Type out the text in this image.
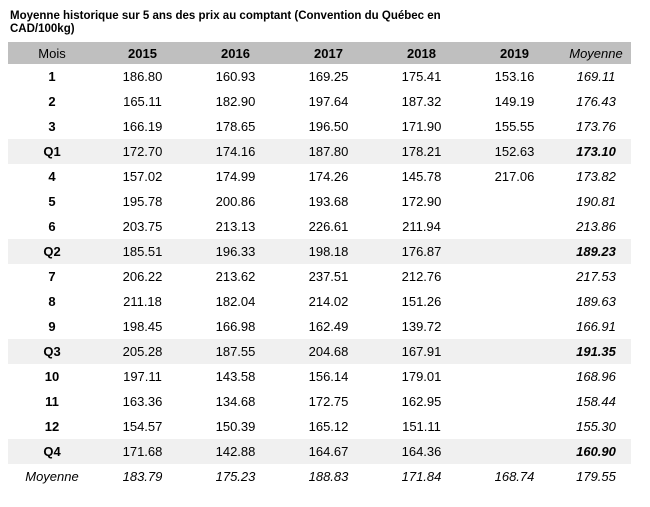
Moyenne historique sur 5 ans des prix au comptant (Convention du Québec en CAD/100kg)
Mois	2015	2016	2017	2018	2019	Moyenne
1	186.80	160.93	169.25	175.41	153.16	169.11
2	165.11	182.90	197.64	187.32	149.19	176.43
3	166.19	178.65	196.50	171.90	155.55	173.76
Q1	172.70	174.16	187.80	178.21	152.63	173.10
4	157.02	174.99	174.26	145.78	217.06	173.82
5	195.78	200.86	193.68	172.90		190.81
6	203.75	213.13	226.61	211.94		213.86
Q2	185.51	196.33	198.18	176.87		189.23
7	206.22	213.62	237.51	212.76		217.53
8	211.18	182.04	214.02	151.26		189.63
9	198.45	166.98	162.49	139.72		166.91
Q3	205.28	187.55	204.68	167.91		191.35
10	197.11	143.58	156.14	179.01		168.96
11	163.36	134.68	172.75	162.95		158.44
12	154.57	150.39	165.12	151.11		155.30
Q4	171.68	142.88	164.67	164.36		160.90
Moyenne	183.79	175.23	188.83	171.84	168.74	179.55
